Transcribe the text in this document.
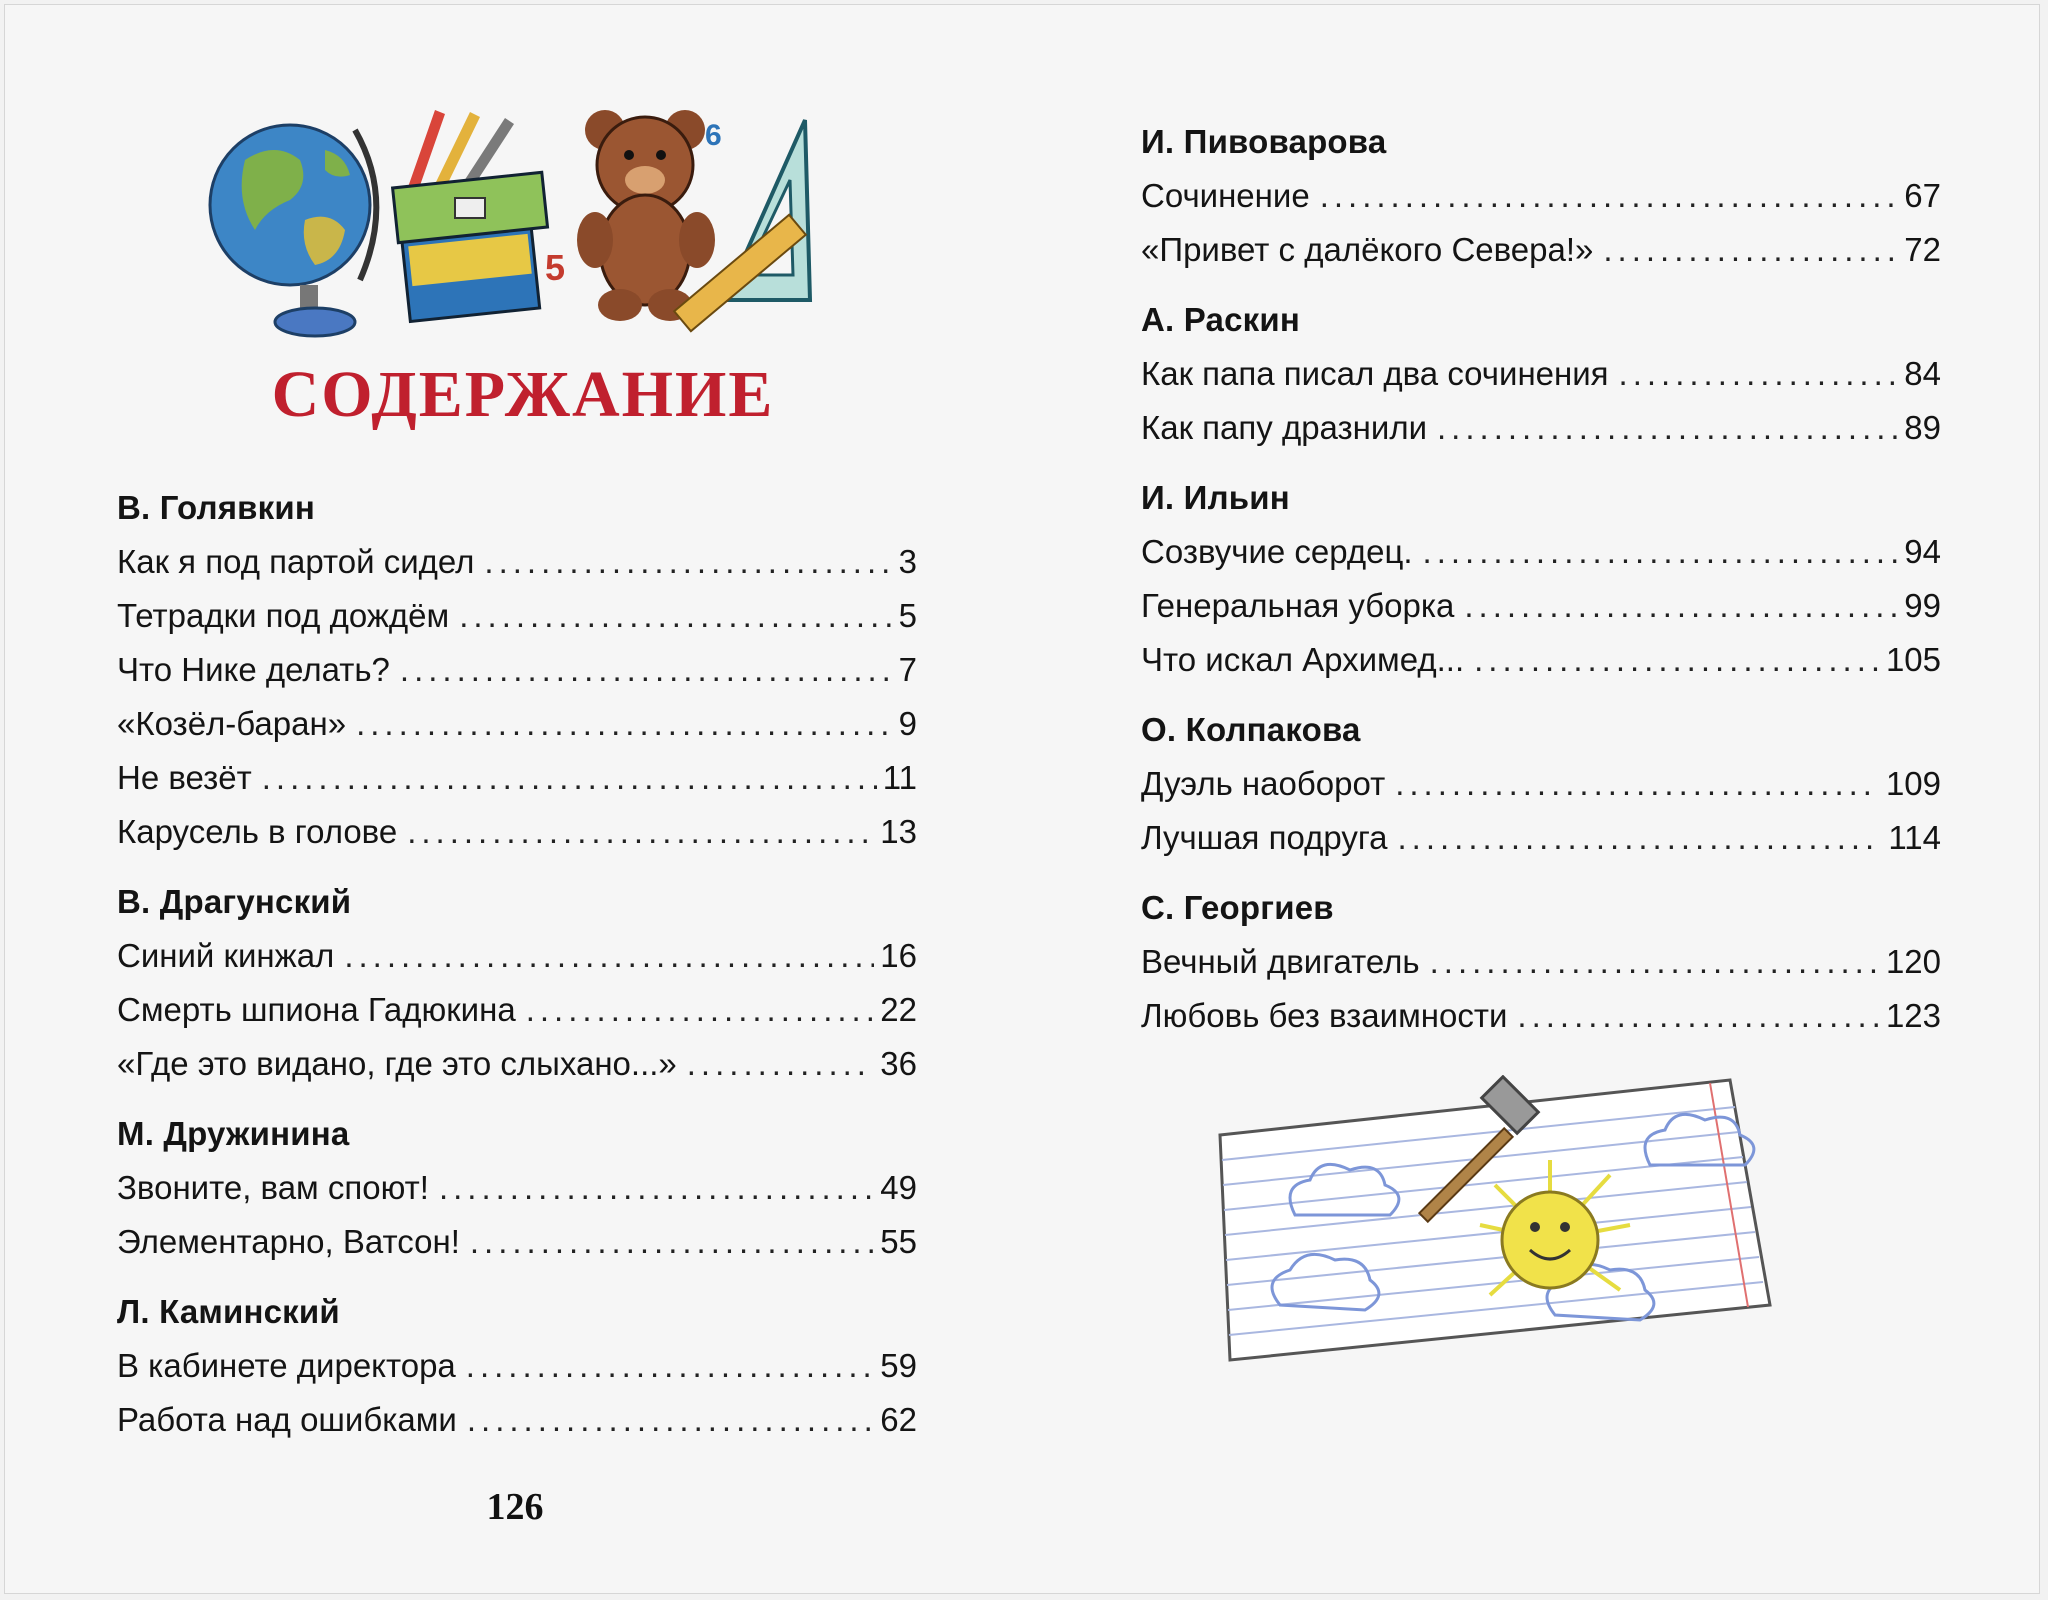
5
6
СОДЕРЖАНИЕ
В. Голявкин
Как я под партой сидел .....	3
Тетрадки под дождём .....	5
Что Нике делать? .....	7
«Козёл-баран» .....	9
Не везёт .....	11
Карусель в голове .....	13
В. Драгунский
Синий кинжал .....	16
Смерть шпиона Гадюкина .....	22
«Где это видано, где это слыхано...» .....	36
М. Дружинина
Звоните, вам споют! .....	49
Элементарно, Ватсон! .....	55
Л. Каминский
В кабинете директора .....	59
Работа над ошибками .....	62
И. Пивоварова
Сочинение .....	67
«Привет с далёкого Севера!» .....	72
А. Раскин
Как папа писал два сочинения .....	84
Как папу дразнили .....	89
И. Ильин
Созвучие сердец. .....	94
Генеральная уборка .....	99
Что искал Архимед... .....	105
О. Колпакова
Дуэль наоборот .....	109
Лучшая подруга .....	114
С. Георгиев
Вечный двигатель .....	120
Любовь без взаимности .....	123
126
